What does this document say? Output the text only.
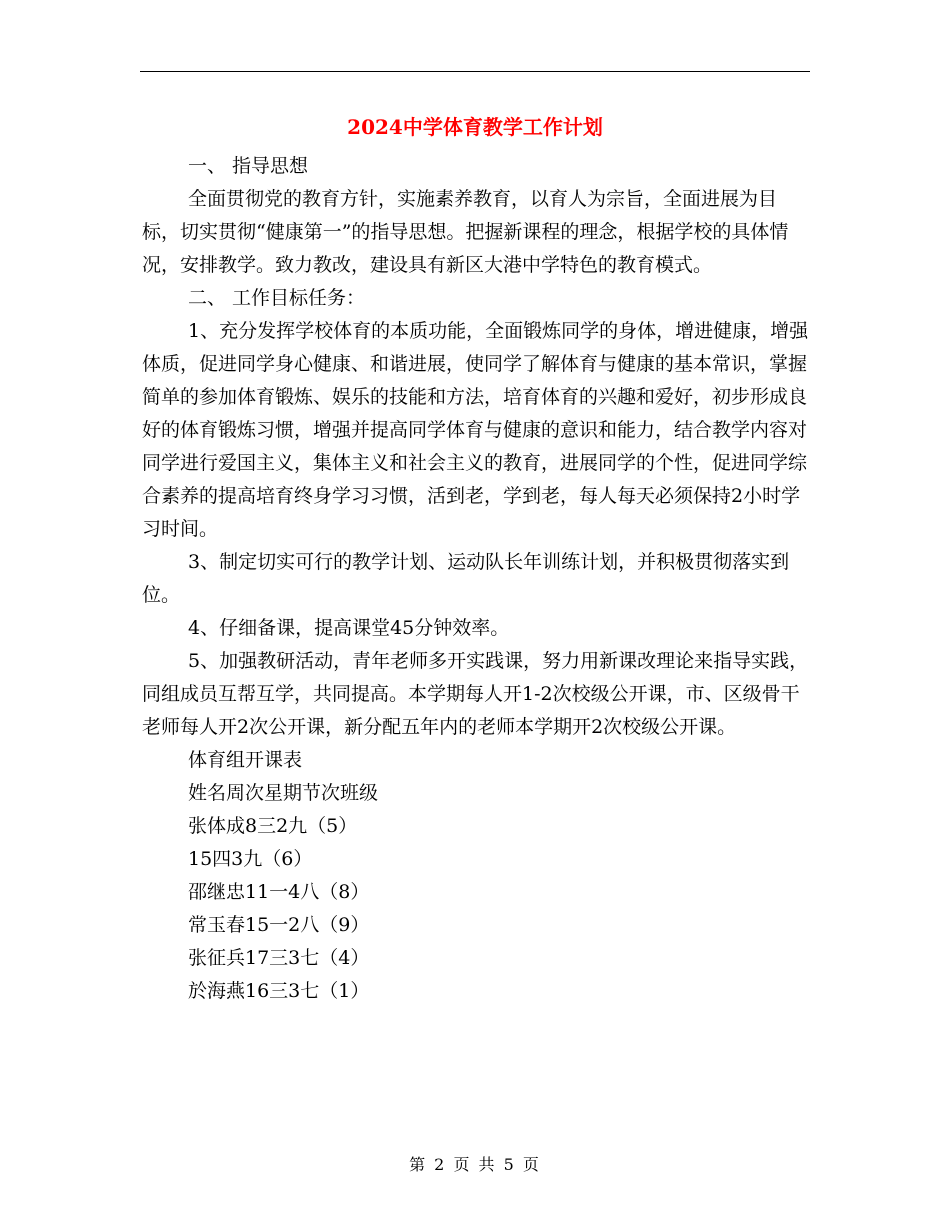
2024中学体育教学工作计划

一、 指导思想

全面贯彻党的教育方针，实施素养教育，以育人为宗旨，全面进展为目标，切实贯彻“健康第一”的指导思想。把握新课程的理念，根据学校的具体情况，安排教学。致力教改，建设具有新区大港中学特色的教育模式。

二、 工作目标任务：

1、充分发挥学校体育的本质功能，全面锻炼同学的身体，增进健康，增强体质，促进同学身心健康、和谐进展，使同学了解体育与健康的基本常识，掌握简单的参加体育锻炼、娱乐的技能和方法，培育体育的兴趣和爱好，初步形成良好的体育锻炼习惯，增强并提高同学体育与健康的意识和能力，结合教学内容对同学进行爱国主义，集体主义和社会主义的教育，进展同学的个性，促进同学综合素养的提高培育终身学习习惯，活到老，学到老，每人每天必须保持2小时学习时间。

3、制定切实可行的教学计划、运动队长年训练计划，并积极贯彻落实到位。

4、仔细备课，提高课堂45分钟效率。

5、加强教研活动，青年老师多开实践课，努力用新课改理论来指导实践，同组成员互帮互学，共同提高。本学期每人开1-2次校级公开课，市、区级骨干老师每人开2次公开课，新分配五年内的老师本学期开2次校级公开课。

体育组开课表

姓名周次星期节次班级

张体成8三2九（5）

15四3九（6）

邵继忠11一4八（8）

常玉春15一2八（9）

张征兵17三3七（4）

於海燕16三3七（1）

第 2 页 共 5 页
